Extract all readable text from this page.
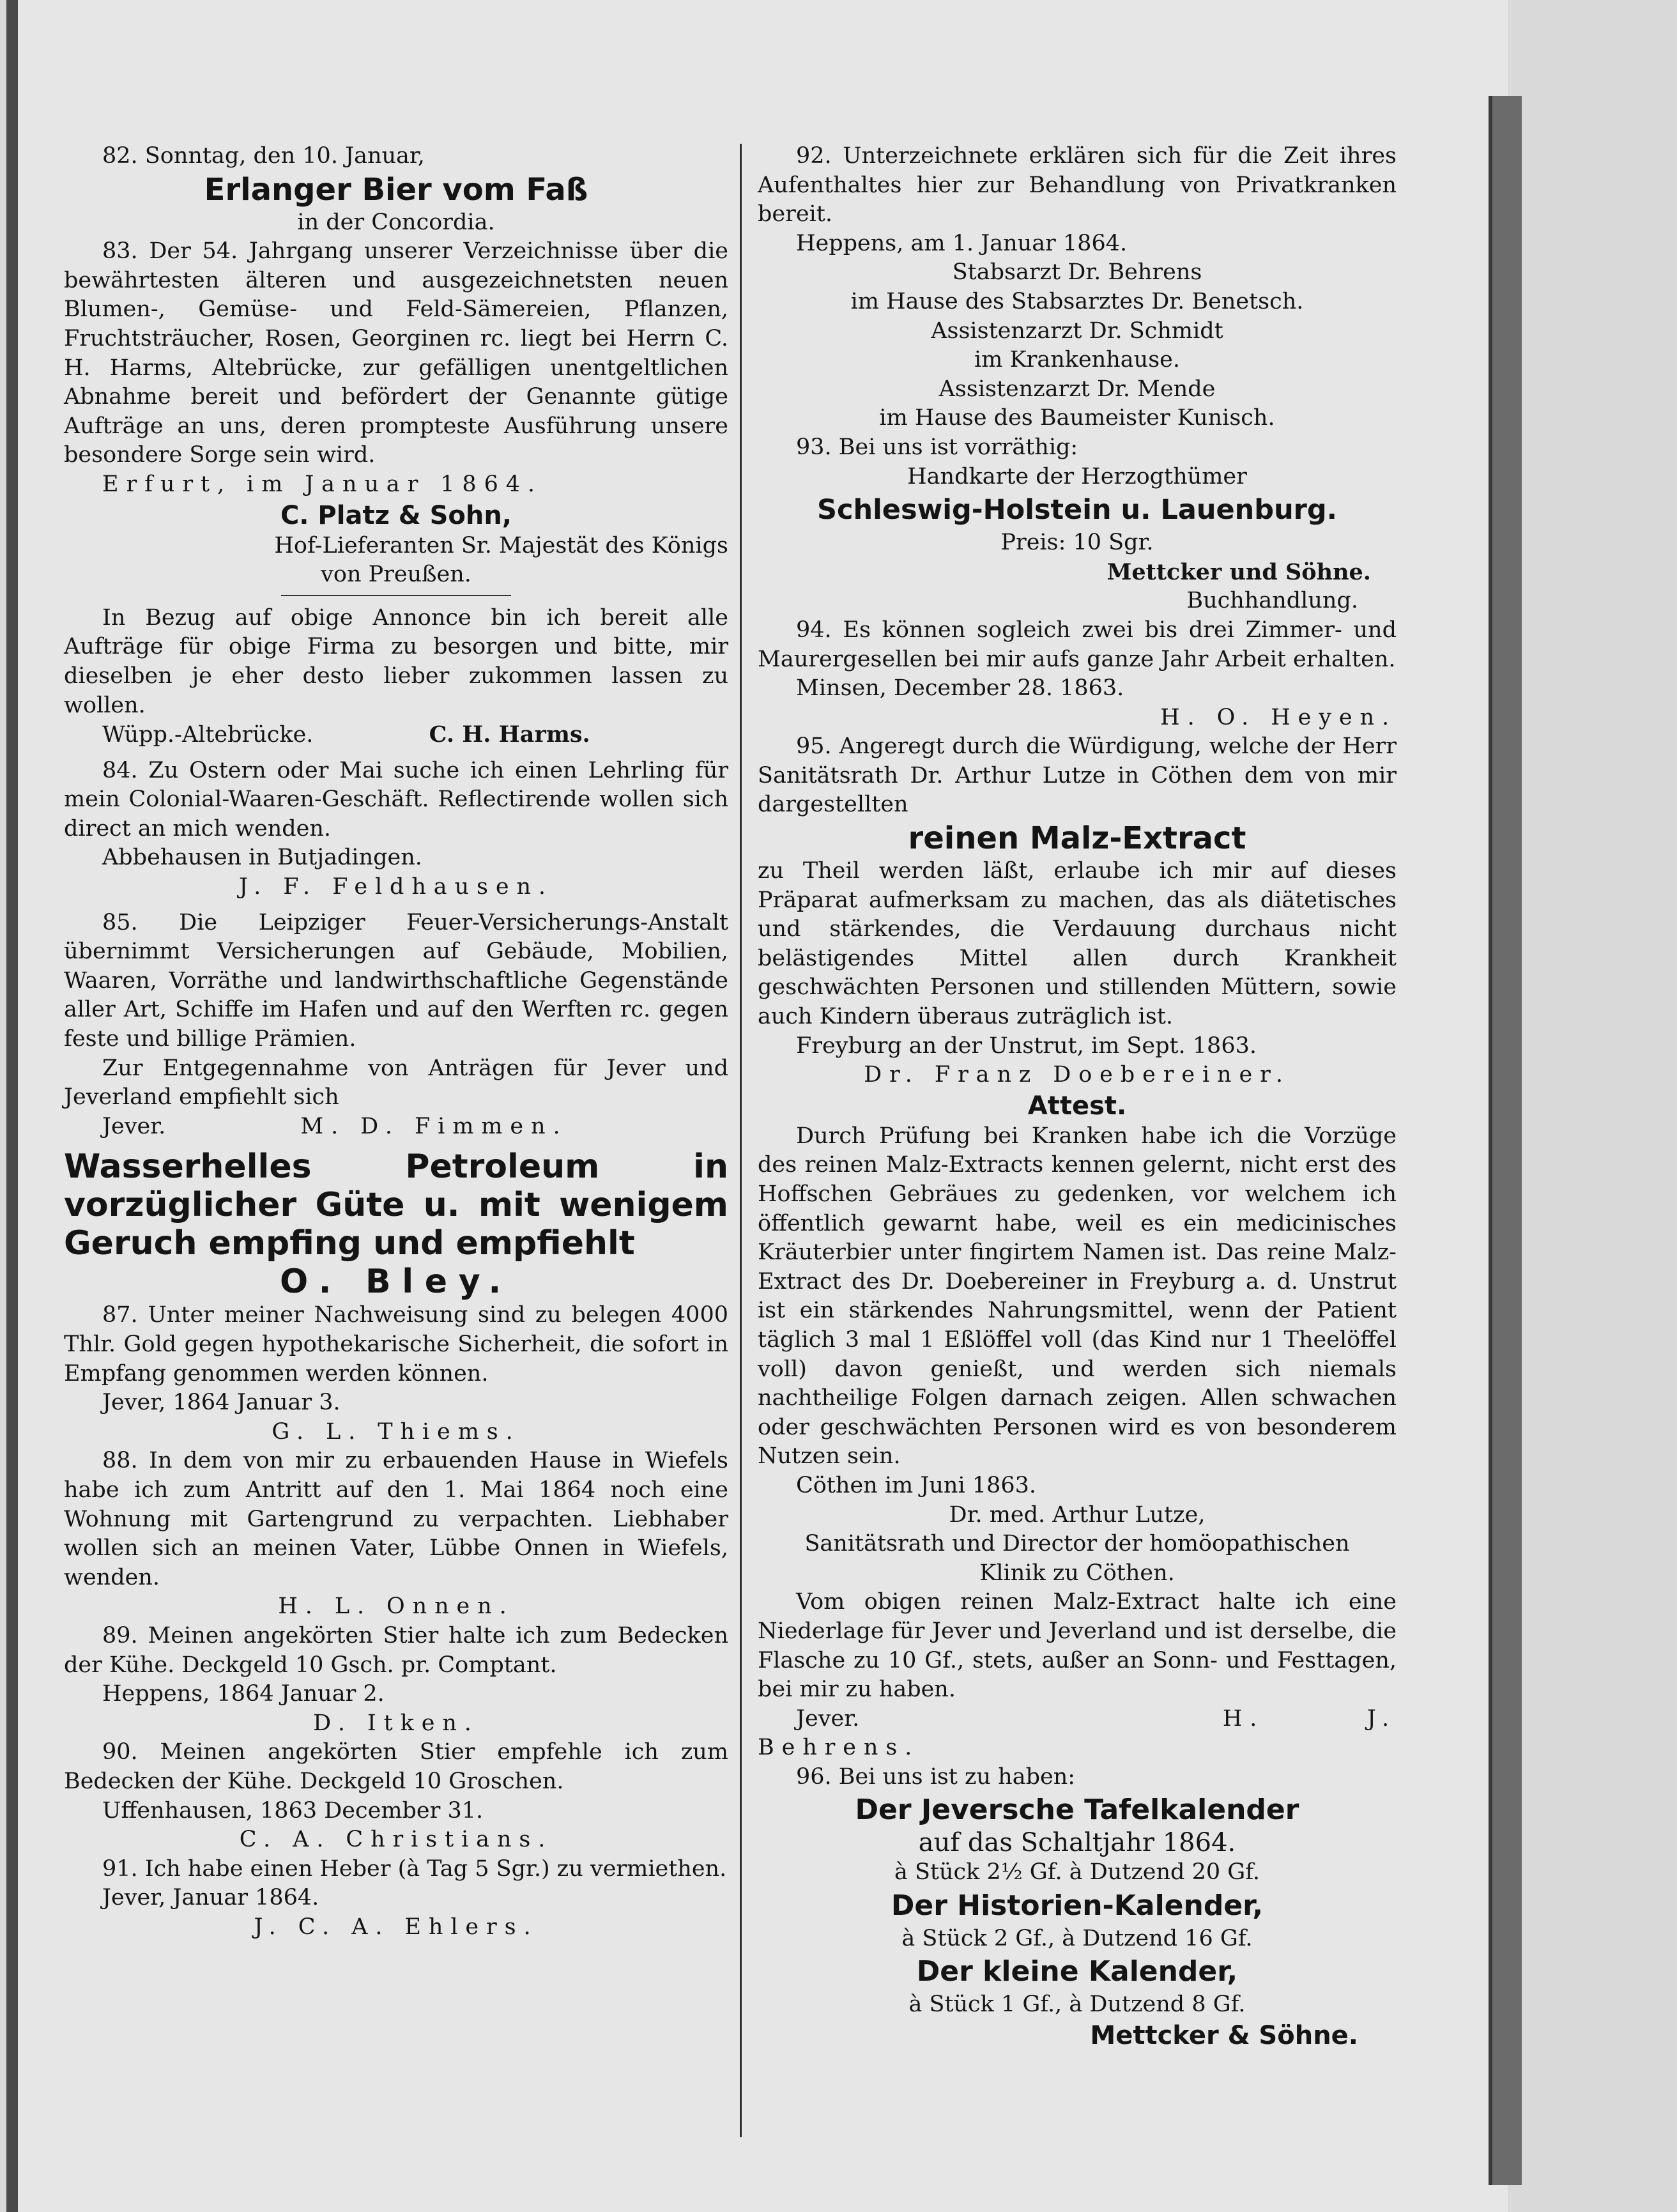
82. Sonntag, den 10. Januar,

Erlanger Bier vom Faß

in der Concordia.

83. Der 54. Jahrgang unserer Verzeichnisse über die bewährtesten älteren und ausgezeichnetsten neuen Blumen-, Gemüse- und Feld-Sämereien, Pflanzen, Fruchtsträucher, Rosen, Georginen rc. liegt bei Herrn C. H. Harms, Altebrücke, zur gefälligen unentgeltlichen Abnahme bereit und befördert der Genannte gütige Aufträge an uns, deren prompteste Ausführung unsere besondere Sorge sein wird.

Erfurt, im Januar 1864.

C. Platz & Sohn,

Hof-Lieferanten Sr. Majestät des Königs

von Preußen.

In Bezug auf obige Annonce bin ich bereit alle Aufträge für obige Firma zu besorgen und bitte, mir dieselben je eher desto lieber zukommen lassen zu wollen.

Wüpp.-Altebrücke.	C. H. Harms.

84. Zu Ostern oder Mai suche ich einen Lehrling für mein Colonial-Waaren-Geschäft. Reflectirende wollen sich direct an mich wenden.

Abbehausen in Butjadingen.

J. F. Feldhausen.

85. Die Leipziger Feuer-Versicherungs-Anstalt übernimmt Versicherungen auf Gebäude, Mobilien, Waaren, Vorräthe und landwirthschaftliche Gegenstände aller Art, Schiffe im Hafen und auf den Werften rc. gegen feste und billige Prämien.

Zur Entgegennahme von Anträgen für Jever und Jeverland empfiehlt sich

Jever.	M. D. Fimmen.

Wasserhelles Petroleum in vorzüglicher Güte u. mit wenigem Geruch empfing und empfiehlt

O. Bley.

87. Unter meiner Nachweisung sind zu belegen 4000 Thlr. Gold gegen hypothekarische Sicherheit, die sofort in Empfang genommen werden können.

Jever, 1864 Januar 3.

G. L. Thiems.

88. In dem von mir zu erbauenden Hause in Wiefels habe ich zum Antritt auf den 1. Mai 1864 noch eine Wohnung mit Gartengrund zu verpachten. Liebhaber wollen sich an meinen Vater, Lübbe Onnen in Wiefels, wenden.

H. L. Onnen.

89. Meinen angekörten Stier halte ich zum Bedecken der Kühe. Deckgeld 10 Gsch. pr. Comptant.

Heppens, 1864 Januar 2.

D. Itken.

90. Meinen angekörten Stier empfehle ich zum Bedecken der Kühe. Deckgeld 10 Groschen.

Uffenhausen, 1863 December 31.

C. A. Christians.

91. Ich habe einen Heber (à Tag 5 Sgr.) zu vermiethen.

Jever, Januar 1864.

J. C. A. Ehlers.

92. Unterzeichnete erklären sich für die Zeit ihres Aufenthaltes hier zur Behandlung von Privatkranken bereit.

Heppens, am 1. Januar 1864.

Stabsarzt Dr. Behrens

im Hause des Stabsarztes Dr. Benetsch.

Assistenzarzt Dr. Schmidt

im Krankenhause.

Assistenzarzt Dr. Mende

im Hause des Baumeister Kunisch.

93. Bei uns ist vorräthig:

Handkarte der Herzogthümer

Schleswig-Holstein u. Lauenburg.

Preis: 10 Sgr.

Mettcker und Söhne.

Buchhandlung.

94. Es können sogleich zwei bis drei Zimmer- und Maurergesellen bei mir aufs ganze Jahr Arbeit erhalten.

Minsen, December 28. 1863.

H. O. Heyen.

95. Angeregt durch die Würdigung, welche der Herr Sanitätsrath Dr. Arthur Lutze in Cöthen dem von mir dargestellten

reinen Malz-Extract

zu Theil werden läßt, erlaube ich mir auf dieses Präparat aufmerksam zu machen, das als diätetisches und stärkendes, die Verdauung durchaus nicht belästigendes Mittel allen durch Krankheit geschwächten Personen und stillenden Müttern, sowie auch Kindern überaus zuträglich ist.

Freyburg an der Unstrut, im Sept. 1863.

Dr. Franz Doebereiner.

Attest.

Durch Prüfung bei Kranken habe ich die Vorzüge des reinen Malz-Extracts kennen gelernt, nicht erst des Hoffschen Gebräues zu gedenken, vor welchem ich öffentlich gewarnt habe, weil es ein medicinisches Kräuterbier unter fingirtem Namen ist. Das reine Malz-Extract des Dr. Doebereiner in Freyburg a. d. Unstrut ist ein stärkendes Nahrungsmittel, wenn der Patient täglich 3 mal 1 Eßlöffel voll (das Kind nur 1 Theelöffel voll) davon genießt, und werden sich niemals nachtheilige Folgen darnach zeigen. Allen schwachen oder geschwächten Personen wird es von besonderem Nutzen sein.

Cöthen im Juni 1863.

Dr. med. Arthur Lutze,

Sanitätsrath und Director der homöopathischen

Klinik zu Cöthen.

Vom obigen reinen Malz-Extract halte ich eine Niederlage für Jever und Jeverland und ist derselbe, die Flasche zu 10 Gf., stets, außer an Sonn- und Festtagen, bei mir zu haben.

Jever.	H. J. Behrens.

96. Bei uns ist zu haben:

Der Jeversche Tafelkalender

auf das Schaltjahr 1864.

à Stück 2½ Gf. à Dutzend 20 Gf.

Der Historien-Kalender,

à Stück 2 Gf., à Dutzend 16 Gf.

Der kleine Kalender,

à Stück 1 Gf., à Dutzend 8 Gf.

Mettcker & Söhne.
